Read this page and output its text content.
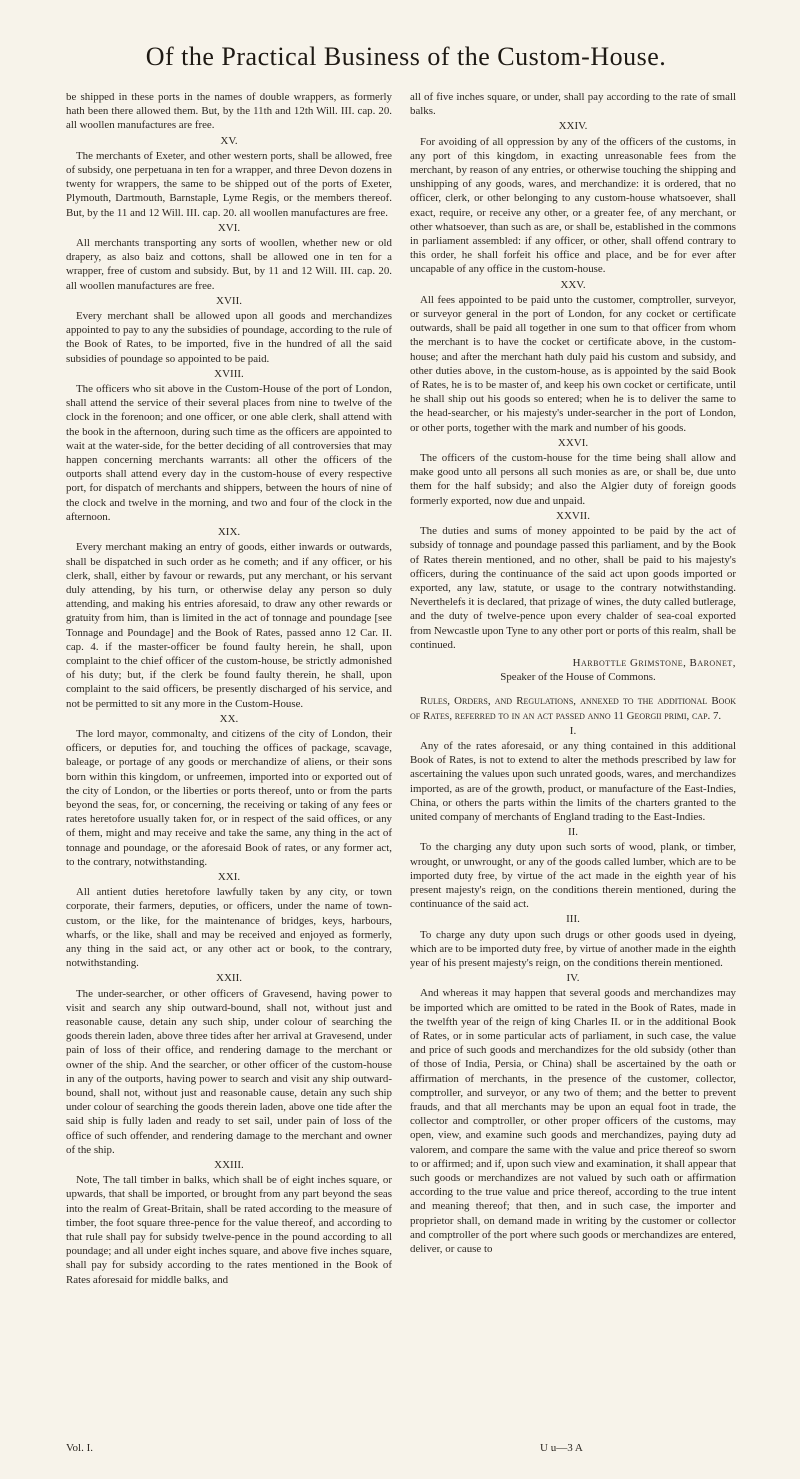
Of the Practical Business of the Custom-House.

be shipped in these ports in the names of double wrappers, as formerly hath been there allowed them. But, by the 11th and 12th Will. III. cap. 20. all woollen manufactures are free.

XV.

The merchants of Exeter, and other western ports, shall be allowed, free of subsidy, one perpetuana in ten for a wrapper, and three Devon dozens in twenty for wrappers, the same to be shipped out of the ports of Exeter, Plymouth, Dartmouth, Barnstaple, Lyme Regis, or the members thereof. But, by the 11 and 12 Will. III. cap. 20. all woollen manufactures are free.

XVI.

All merchants transporting any sorts of woollen, whether new or old drapery, as also baiz and cottons, shall be allowed one in ten for a wrapper, free of custom and subsidy. But, by 11 and 12 Will. III. cap. 20. all woollen manufactures are free.

XVII.

Every merchant shall be allowed upon all goods and merchandizes appointed to pay to any the subsidies of poundage, according to the rule of the Book of Rates, to be imported, five in the hundred of all the said subsidies of poundage so appointed to be paid.

XVIII.

The officers who sit above in the Custom-House of the port of London, shall attend the service of their several places from nine to twelve of the clock in the forenoon; and one officer, or one able clerk, shall attend with the book in the afternoon, during such time as the officers are appointed to wait at the water-side, for the better deciding of all controversies that may happen concerning merchants warrants: all other the officers of the outports shall attend every day in the custom-house of every respective port, for dispatch of merchants and shippers, between the hours of nine of the clock and twelve in the morning, and two and four of the clock in the afternoon.

XIX.

Every merchant making an entry of goods, either inwards or outwards, shall be dispatched in such order as he cometh; and if any officer, or his clerk, shall, either by favour or rewards, put any merchant, or his servant duly attending, by his turn, or otherwise delay any person so duly attending, and making his entries aforesaid, to draw any other rewards or gratuity from him, than is limited in the act of tonnage and poundage [see Tonnage and Poundage] and the Book of Rates, passed anno 12 Car. II. cap. 4. if the master-officer be found faulty herein, he shall, upon complaint to the chief officer of the custom-house, be strictly admonished of his duty; but, if the clerk be found faulty therein, he shall, upon complaint to the said officers, be presently discharged of his service, and not be permitted to sit any more in the Custom-House.

XX.

The lord mayor, commonalty, and citizens of the city of London, their officers, or deputies for, and touching the offices of package, scavage, baleage, or portage of any goods or merchandize of aliens, or their sons born within this kingdom, or unfreemen, imported into or exported out of the city of London, or the liberties or ports thereof, unto or from the parts beyond the seas, for, or concerning, the receiving or taking of any fees or rates heretofore usually taken for, or in respect of the said offices, or any of them, might and may receive and take the same, any thing in the act of tonnage and poundage, or the aforesaid Book of rates, or any former act, to the contrary, notwithstanding.

XXI.

All antient duties heretofore lawfully taken by any city, or town corporate, their farmers, deputies, or officers, under the name of town-custom, or the like, for the maintenance of bridges, keys, harbours, wharfs, or the like, shall and may be received and enjoyed as formerly, any thing in the said act, or any other act or book, to the contrary, notwithstanding.

XXII.

The under-searcher, or other officers of Gravesend, having power to visit and search any ship outward-bound, shall not, without just and reasonable cause, detain any such ship, under colour of searching the goods therein laden, above three tides after her arrival at Gravesend, under pain of loss of their office, and rendering damage to the merchant or owner of the ship. And the searcher, or other officer of the custom-house in any of the outports, having power to search and visit any ship outward-bound, shall not, without just and reasonable cause, detain any such ship under colour of searching the goods therein laden, above one tide after the said ship is fully laden and ready to set sail, under pain of loss of the office of such offender, and rendering damage to the merchant and owner of the ship.

XXIII.

Note, The tall timber in balks, which shall be of eight inches square, or upwards, that shall be imported, or brought from any part beyond the seas into the realm of Great-Britain, shall be rated according to the measure of timber, the foot square three-pence for the value thereof, and according to that rule shall pay for subsidy twelve-pence in the pound according to all poundage; and all under eight inches square, and above five inches square, shall pay for subsidy according to the rates mentioned in the Book of Rates aforesaid for middle balks, and

all of five inches square, or under, shall pay according to the rate of small balks.

XXIV.

For avoiding of all oppression by any of the officers of the customs, in any port of this kingdom, in exacting unreasonable fees from the merchant, by reason of any entries, or otherwise touching the shipping and unshipping of any goods, wares, and merchandize: it is ordered, that no officer, clerk, or other belonging to any custom-house whatsoever, shall exact, require, or receive any other, or a greater fee, of any merchant, or other whatsoever, than such as are, or shall be, established in the commons in parliament assembled: if any officer, or other, shall offend contrary to this order, he shall forfeit his office and place, and be for ever after uncapable of any office in the custom-house.

XXV.

All fees appointed to be paid unto the customer, comptroller, surveyor, or surveyor general in the port of London, for any cocket or certificate outwards, shall be paid all together in one sum to that officer from whom the merchant is to have the cocket or certificate above, in the custom-house; and after the merchant hath duly paid his custom and subsidy, and other duties above, in the custom-house, as is appointed by the said Book of Rates, he is to be master of, and keep his own cocket or certificate, until he shall ship out his goods so entered; when he is to deliver the same to the head-searcher, or his majesty's under-searcher in the port of London, or other ports, together with the mark and number of his goods.

XXVI.

The officers of the custom-house for the time being shall allow and make good unto all persons all such monies as are, or shall be, due unto them for the half subsidy; and also the Algier duty of foreign goods formerly exported, now due and unpaid.

XXVII.

The duties and sums of money appointed to be paid by the act of subsidy of tonnage and poundage passed this parliament, and by the Book of Rates therein mentioned, and no other, shall be paid to his majesty's officers, during the continuance of the said act upon goods imported or exported, any law, statute, or usage to the contrary notwithstanding. Neverthelefs it is declared, that prizage of wines, the duty called butlerage, and the duty of twelve-pence upon every chalder of sea-coal exported from Newcastle upon Tyne to any other port or ports of this realm, shall be continued.

Harbottle Grimstone, Baronet,

Speaker of the House of Commons.

Rules, Orders, and Regulations, annexed to the additional Book of Rates, referred to in an act passed anno 11 Georgii primi, cap. 7.

I.

Any of the rates aforesaid, or any thing contained in this additional Book of Rates, is not to extend to alter the methods prescribed by law for ascertaining the values upon such unrated goods, wares, and merchandizes imported, as are of the growth, product, or manufacture of the East-Indies, China, or others the parts within the limits of the charters granted to the united company of merchants of England trading to the East-Indies.

II.

To the charging any duty upon such sorts of wood, plank, or timber, wrought, or unwrought, or any of the goods called lumber, which are to be imported duty free, by virtue of the act made in the eighth year of his present majesty's reign, on the conditions therein mentioned, during the continuance of the said act.

III.

To charge any duty upon such drugs or other goods used in dyeing, which are to be imported duty free, by virtue of another made in the eighth year of his present majesty's reign, on the conditions therein mentioned.

IV.

And whereas it may happen that several goods and merchandizes may be imported which are omitted to be rated in the Book of Rates, made in the twelfth year of the reign of king Charles II. or in the additional Book of Rates, or in some particular acts of parliament, in such case, the value and price of such goods and merchandizes for the old subsidy (other than of those of India, Persia, or China) shall be ascertained by the oath or affirmation of merchants, in the presence of the customer, collector, comptroller, and surveyor, or any two of them; and the better to prevent frauds, and that all merchants may be upon an equal foot in trade, the collector and comptroller, or other proper officers of the customs, may open, view, and examine such goods and merchandizes, paying duty ad valorem, and compare the same with the value and price thereof so sworn to or affirmed; and if, upon such view and examination, it shall appear that such goods or merchandizes are not valued by such oath or affirmation according to the true value and price thereof, according to the true intent and meaning thereof; that then, and in such case, the importer and proprietor shall, on demand made in writing by the customer or collector and comptroller of the port where such goods or merchandizes are entered, deliver, or cause to

Vol. I.	U u—3 A
